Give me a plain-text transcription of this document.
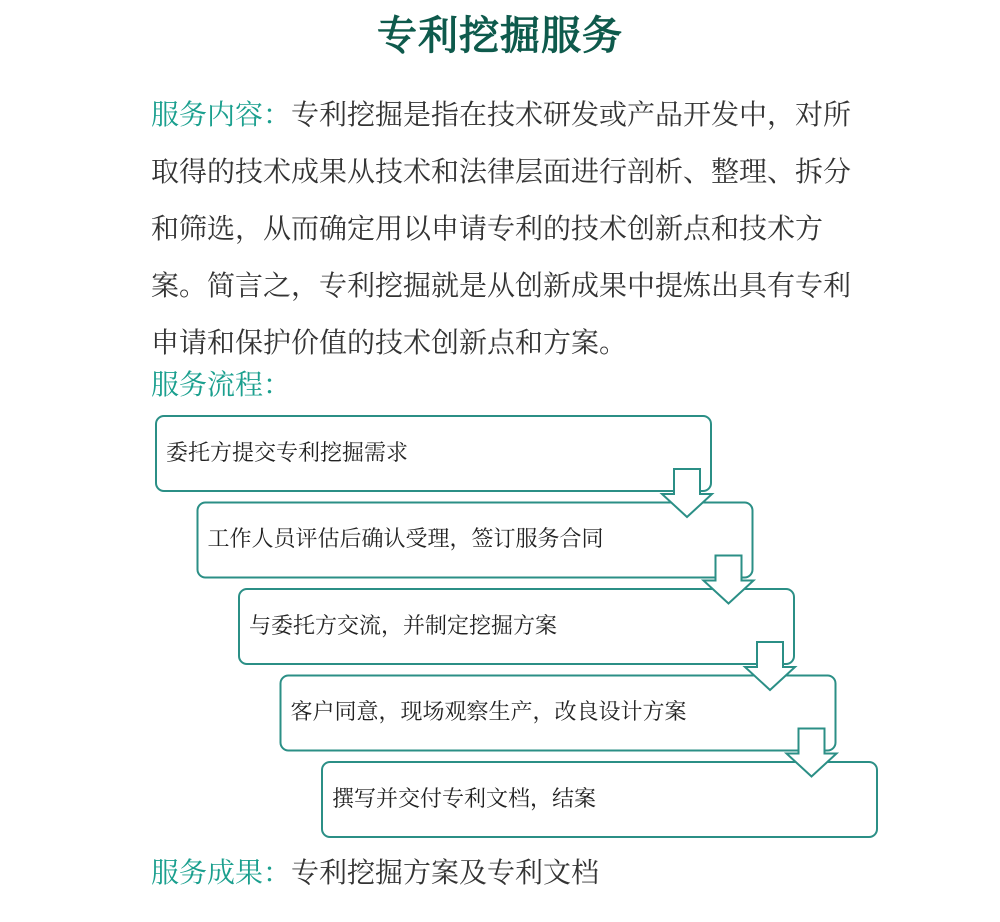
专利挖掘服务
服务内容：专利挖掘是指在技术研发或产品开发中，对所取得的技术成果从技术和法律层面进行剖析、整理、拆分和筛选，从而确定用以申请专利的技术创新点和技术方案。简言之，专利挖掘就是从创新成果中提炼出具有专利申请和保护价值的技术创新点和方案。
服务流程：
委托方提交专利挖掘需求
工作人员评估后确认受理，签订服务合同
与委托方交流，并制定挖掘方案
客户同意，现场观察生产，改良设计方案
撰写并交付专利文档，结案
服务成果：专利挖掘方案及专利文档
